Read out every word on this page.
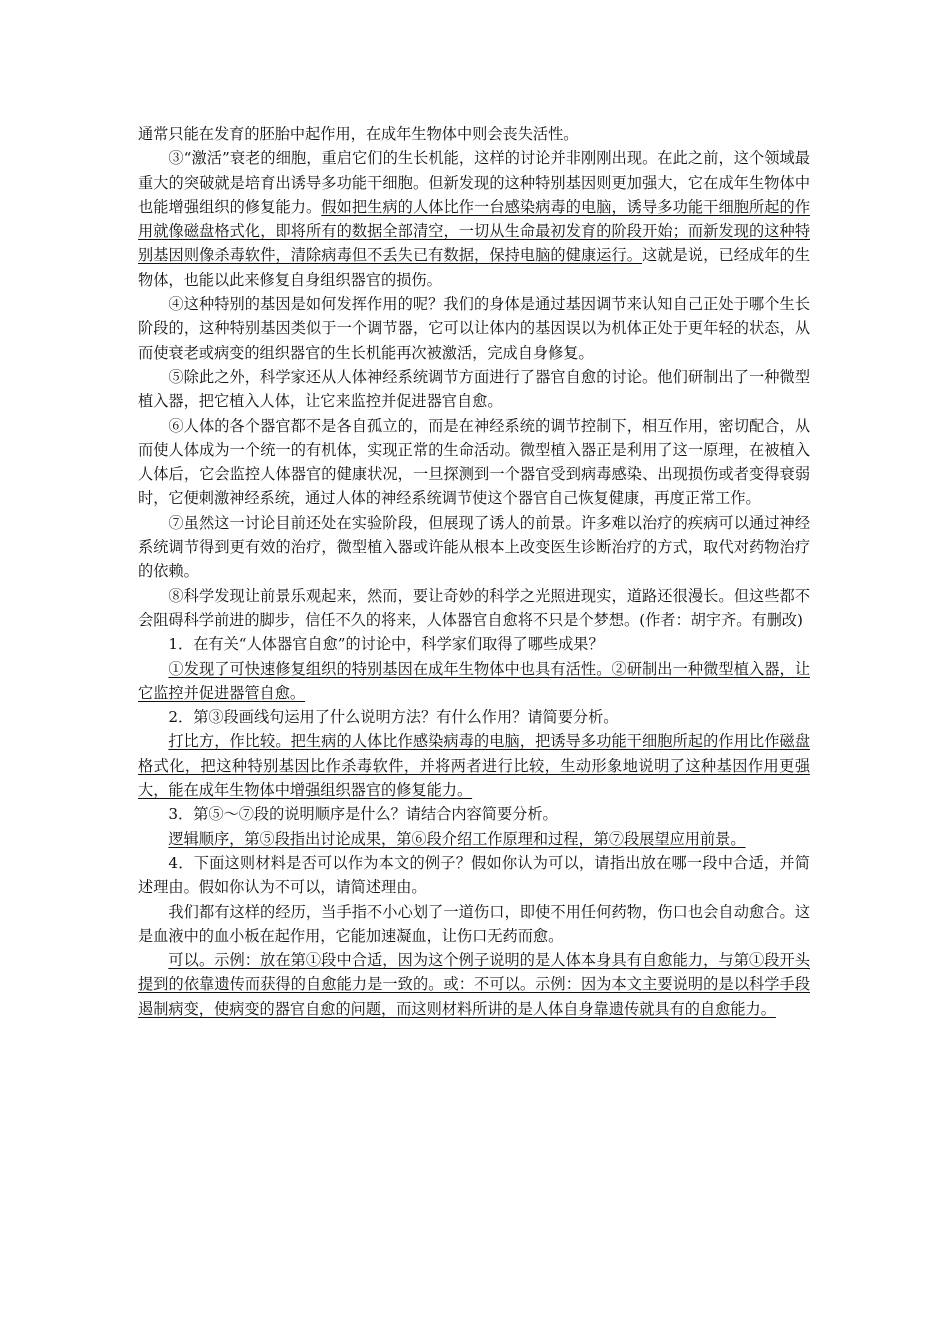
通常只能在发育的胚胎中起作用，在成年生物体中则会丧失活性。

③“激活”衰老的细胞，重启它们的生长机能，这样的讨论并非刚刚出现。在此之前，这个领域最重大的突破就是培育出诱导多功能干细胞。但新发现的这种特别基因则更加强大，它在成年生物体中也能增强组织的修复能力。假如把生病的人体比作一台感染病毒的电脑，诱导多功能干细胞所起的作用就像磁盘格式化，即将所有的数据全部清空，一切从生命最初发育的阶段开始；而新发现的这种特别基因则像杀毒软件，清除病毒但不丢失已有数据，保持电脑的健康运行。这就是说，已经成年的生物体，也能以此来修复自身组织器官的损伤。

④这种特别的基因是如何发挥作用的呢？我们的身体是通过基因调节来认知自己正处于哪个生长阶段的，这种特别基因类似于一个调节器，它可以让体内的基因误以为机体正处于更年轻的状态，从而使衰老或病变的组织器官的生长机能再次被激活，完成自身修复。

⑤除此之外，科学家还从人体神经系统调节方面进行了器官自愈的讨论。他们研制出了一种微型植入器，把它植入人体，让它来监控并促进器官自愈。

⑥人体的各个器官都不是各自孤立的，而是在神经系统的调节控制下，相互作用，密切配合，从而使人体成为一个统一的有机体，实现正常的生命活动。微型植入器正是利用了这一原理，在被植入人体后，它会监控人体器官的健康状况，一旦探测到一个器官受到病毒感染、出现损伤或者变得衰弱时，它便刺激神经系统，通过人体的神经系统调节使这个器官自己恢复健康，再度正常工作。

⑦虽然这一讨论目前还处在实验阶段，但展现了诱人的前景。许多难以治疗的疾病可以通过神经系统调节得到更有效的治疗，微型植入器或许能从根本上改变医生诊断治疗的方式，取代对药物治疗的依赖。

⑧科学发现让前景乐观起来，然而，要让奇妙的科学之光照进现实，道路还很漫长。但这些都不会阻碍科学前进的脚步，信任不久的将来，人体器官自愈将不只是个梦想。(作者：胡宇齐。有删改)

1．在有关“人体器官自愈”的讨论中，科学家们取得了哪些成果？

①发现了可快速修复组织的特别基因在成年生物体中也具有活性。②研制出一种微型植入器，让它监控并促进器管自愈。

2．第③段画线句运用了什么说明方法？有什么作用？请简要分析。

打比方，作比较。把生病的人体比作感染病毒的电脑，把诱导多功能干细胞所起的作用比作磁盘格式化，把这种特别基因比作杀毒软件，并将两者进行比较，生动形象地说明了这种基因作用更强大，能在成年生物体中增强组织器官的修复能力。

3．第⑤～⑦段的说明顺序是什么？请结合内容简要分析。

逻辑顺序，第⑤段指出讨论成果，第⑥段介绍工作原理和过程，第⑦段展望应用前景。

4．下面这则材料是否可以作为本文的例子？假如你认为可以，请指出放在哪一段中合适，并简述理由。假如你认为不可以，请简述理由。

我们都有这样的经历，当手指不小心划了一道伤口，即使不用任何药物，伤口也会自动愈合。这是血液中的血小板在起作用，它能加速凝血，让伤口无药而愈。

可以。示例：放在第①段中合适，因为这个例子说明的是人体本身具有自愈能力，与第①段开头提到的依靠遗传而获得的自愈能力是一致的。或：不可以。示例：因为本文主要说明的是以科学手段遏制病变，使病变的器官自愈的问题，而这则材料所讲的是人体自身靠遗传就具有的自愈能力。
